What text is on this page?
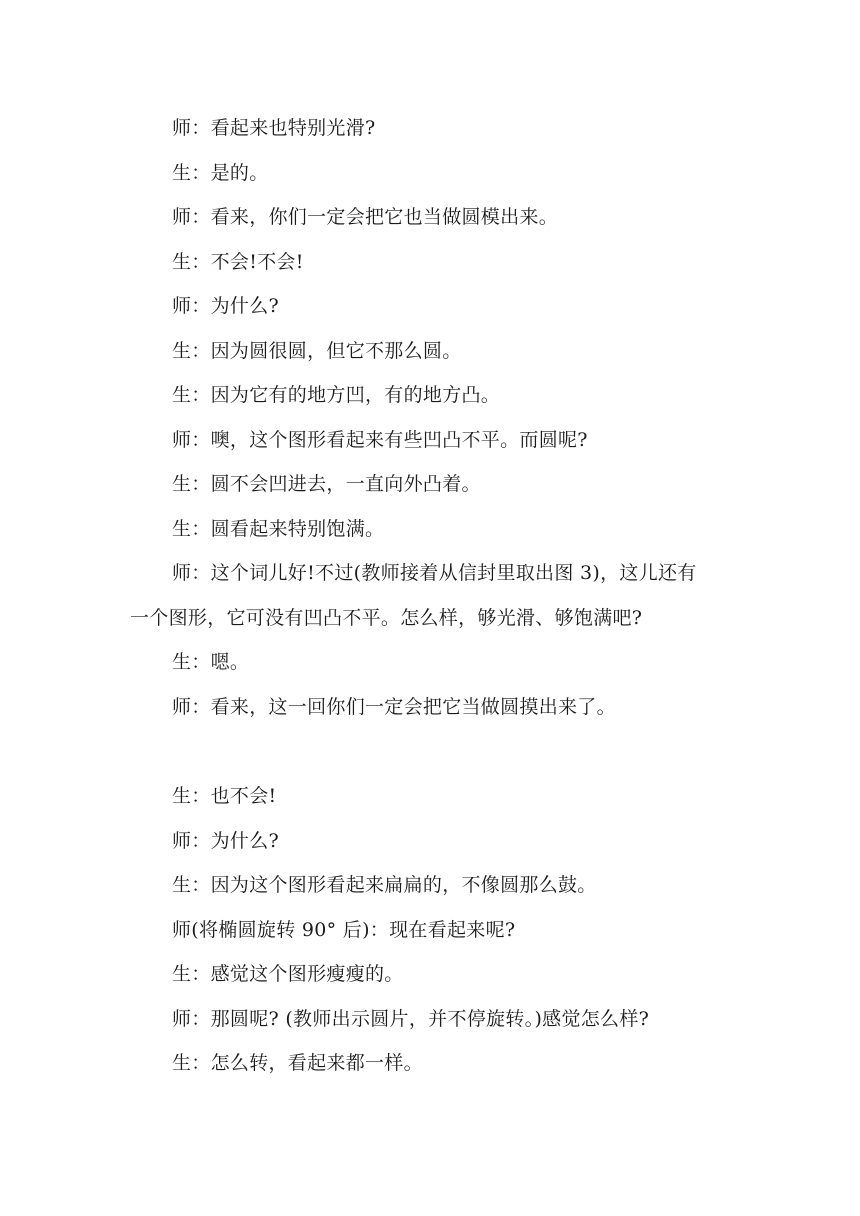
师：看起来也特别光滑?
生：是的。
师：看来，你们一定会把它也当做圆模出来。
生：不会!不会!
师：为什么?
生：因为圆很圆，但它不那么圆。
生：因为它有的地方凹，有的地方凸。
师：噢，这个图形看起来有些凹凸不平。而圆呢?
生：圆不会凹进去，一直向外凸着。
生：圆看起来特别饱满。
师：这个词儿好!不过(教师接着从信封里取出图 3)，这儿还有
一个图形，它可没有凹凸不平。怎么样，够光滑、够饱满吧?
生：嗯。
师：看来，这一回你们一定会把它当做圆摸出来了。
生：也不会!
师：为什么?
生：因为这个图形看起来扁扁的，不像圆那么鼓。
师(将椭圆旋转 90° 后)：现在看起来呢?
生：感觉这个图形瘦瘦的。
师：那圆呢? (教师出示圆片，并不停旋转。)感觉怎么样?
生：怎么转，看起来都一样。
